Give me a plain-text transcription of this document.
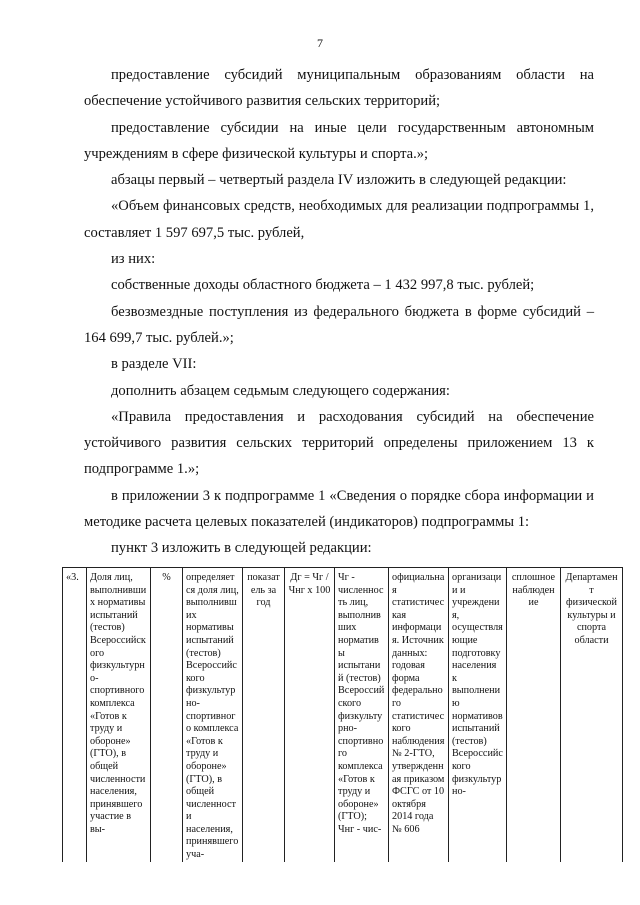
7

предоставление субсидий муниципальным образованиям области на обеспечение устойчивого развития сельских территорий;

предоставление субсидии на иные цели государственным автономным учреждениям в сфере физической культуры и спорта.»;

абзацы первый – четвертый раздела IV изложить в следующей редакции:

«Объем финансовых средств, необходимых для реализации подпрограммы 1, составляет 1 597 697,5 тыс. рублей,

из них:

собственные доходы областного бюджета – 1 432 997,8 тыс. рублей;

безвозмездные поступления из федерального бюджета в форме субсидий – 164 699,7 тыс. рублей.»;

в разделе VII:

дополнить абзацем седьмым следующего содержания:

«Правила предоставления и расходования субсидий на обеспечение устойчивого развития сельских территорий определены приложением 13 к подпрограмме 1.»;

в приложении 3 к подпрограмме 1 «Сведения о порядке сбора информации и методике расчета целевых показателей (индикаторов) подпрограммы 1:

пункт 3 изложить в следующей редакции:

«3.	Доля лиц, выполнивших нормативы испытаний (тестов) Всероссийского физкультурно-спортивного комплекса «Готов к труду и обороне» (ГТО), в общей численности населения, принявшего участие в вы-	%	определяется доля лиц, выполнивших нормативы испытаний (тестов) Всероссийского физкультурно-спортивного комплекса «Готов к труду и обороне» (ГТО), в общей численности населения, принявшего уча-	показатель за год	Дг = Чг / Чнг х 100	Чг - численность лиц, выполнивших нормативы испытаний (тестов) Всероссийского физкультурно-спортивного комплекса «Готов к труду и обороне» (ГТО); Чнг - чис-	официальная статистическая информация. Источник данных: годовая форма федерального статистического наблюдения № 2-ГТО, утвержденная приказом ФСГС от 10 октября 2014 года № 606	организации и учреждения, осуществляющие подготовку населения к выполнению нормативов испытаний (тестов) Всероссийского физкультурно-	сплошное наблюдение	Департамент физической культуры и спорта области
